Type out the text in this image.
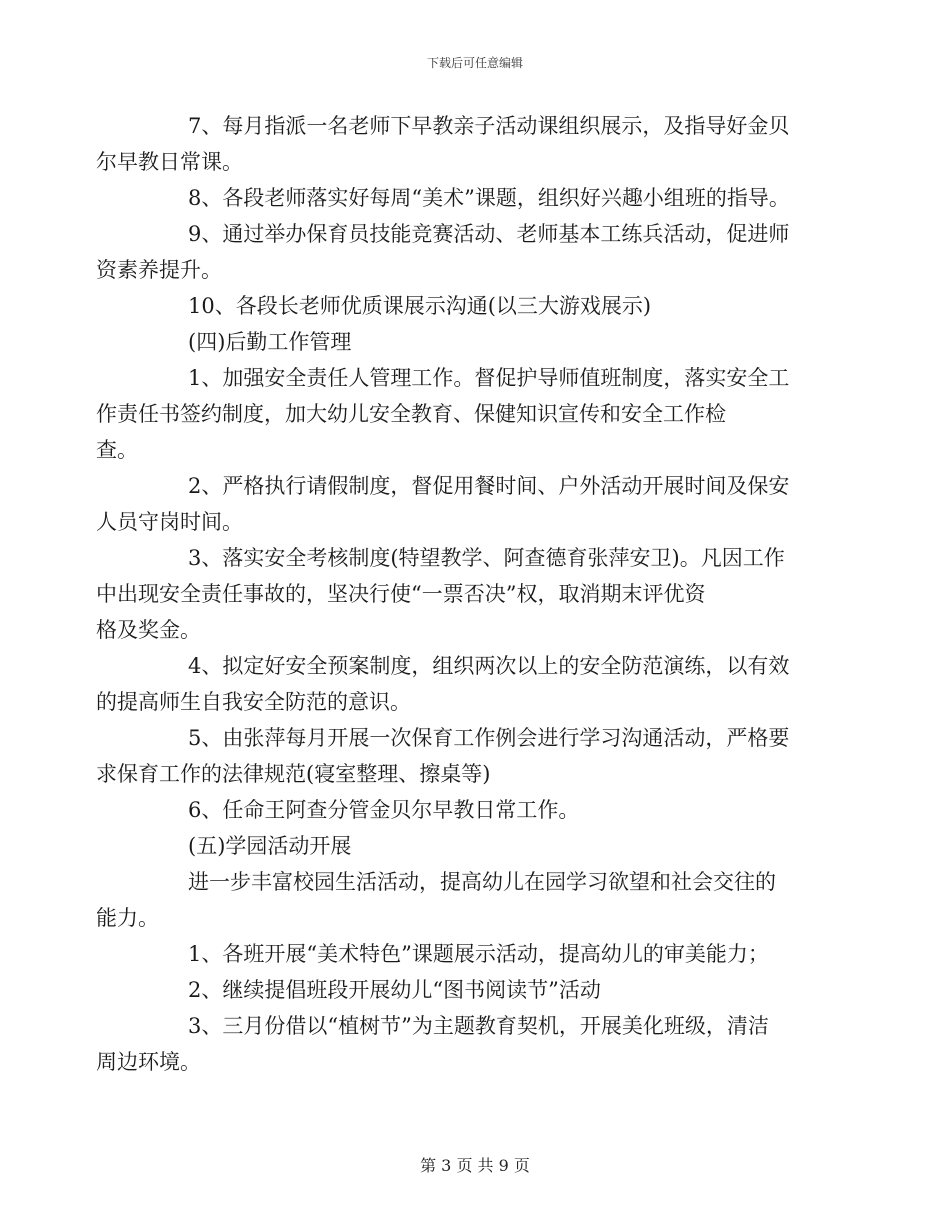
下载后可任意编辑
7、每月指派一名老师下早教亲子活动课组织展示，及指导好金贝
尔早教日常课。
8、各段老师落实好每周“美术”课题，组织好兴趣小组班的指导。
9、通过举办保育员技能竞赛活动、老师基本工练兵活动，促进师
资素养提升。
10、各段长老师优质课展示沟通(以三大游戏展示)
(四)后勤工作管理
1、加强安全责任人管理工作。督促护导师值班制度，落实安全工
作责任书签约制度，加大幼儿安全教育、保健知识宣传和安全工作检
查。
2、严格执行请假制度，督促用餐时间、户外活动开展时间及保安
人员守岗时间。
3、落实安全考核制度(特望教学、阿查德育张萍安卫)。凡因工作
中出现安全责任事故的，坚决行使“一票否决”权，取消期末评优资
格及奖金。
4、拟定好安全预案制度，组织两次以上的安全防范演练，以有效
的提高师生自我安全防范的意识。
5、由张萍每月开展一次保育工作例会进行学习沟通活动，严格要
求保育工作的法律规范(寝室整理、擦桌等)
6、任命王阿查分管金贝尔早教日常工作。
(五)学园活动开展
进一步丰富校园生活活动，提高幼儿在园学习欲望和社会交往的
能力。
1、各班开展“美术特色”课题展示活动，提高幼儿的审美能力；
2、继续提倡班段开展幼儿“图书阅读节”活动
3、三月份借以“植树节”为主题教育契机，开展美化班级，清洁
周边环境。
第 3 页 共 9 页
